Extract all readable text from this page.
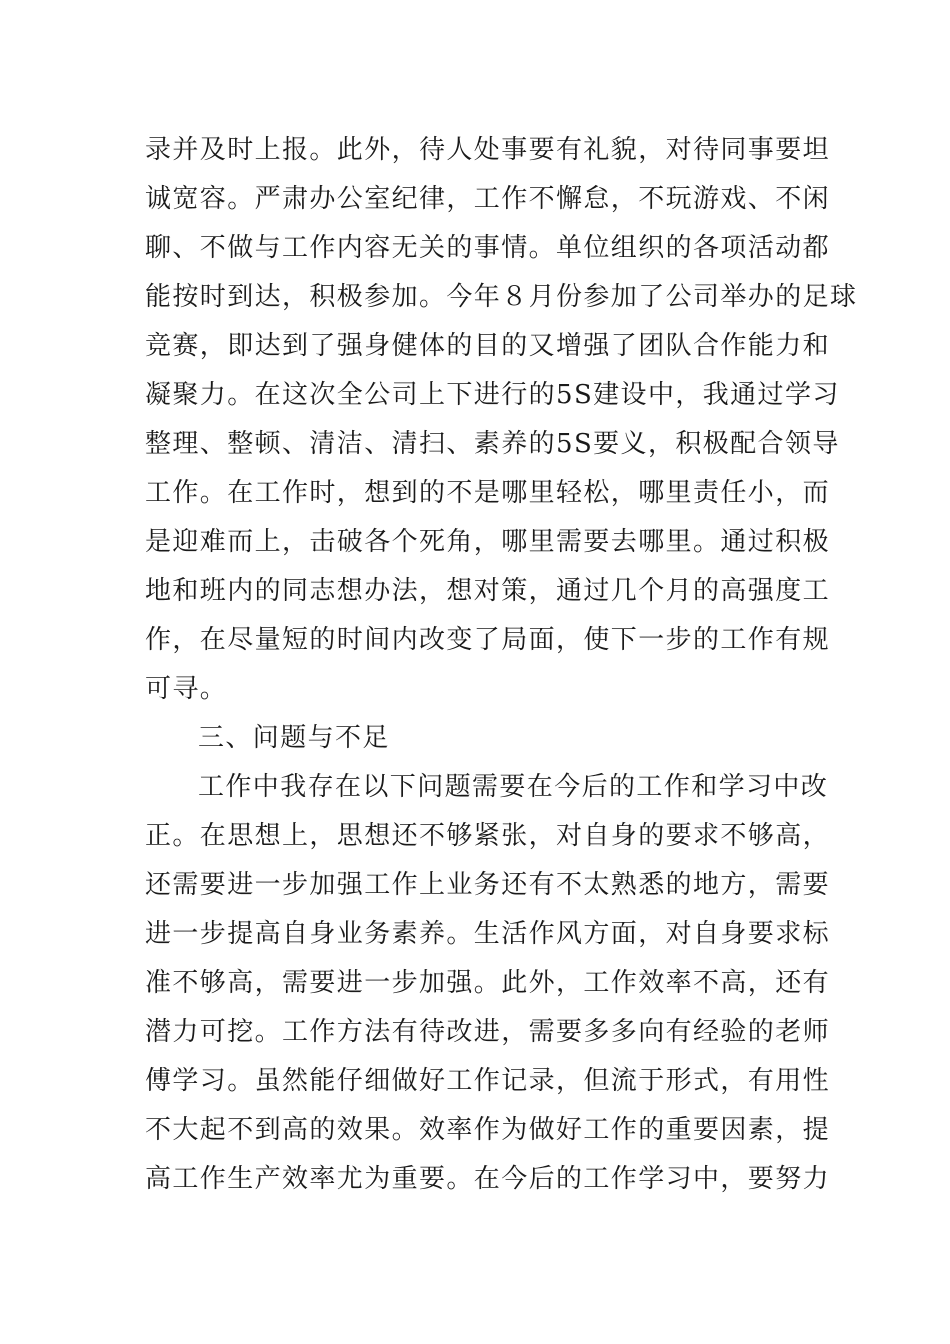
录并及时上报。此外，待人处事要有礼貌，对待同事要坦
诚宽容。严肃办公室纪律，工作不懈怠，不玩游戏、不闲
聊、不做与工作内容无关的事情。单位组织的各项活动都
能按时到达，积极参加。今年８月份参加了公司举办的足球
竞赛，即达到了强身健体的目的又增强了团队合作能力和
凝聚力。在这次全公司上下进行的5S建设中，我通过学习
整理、整顿、清洁、清扫、素养的5S要义，积极配合领导
工作。在工作时，想到的不是哪里轻松，哪里责任小，而
是迎难而上，击破各个死角，哪里需要去哪里。通过积极
地和班内的同志想办法，想对策，通过几个月的高强度工
作，在尽量短的时间内改变了局面，使下一步的工作有规
可寻。
三、问题与不足
工作中我存在以下问题需要在今后的工作和学习中改
正。在思想上，思想还不够紧张，对自身的要求不够高，
还需要进一步加强工作上业务还有不太熟悉的地方，需要
进一步提高自身业务素养。生活作风方面，对自身要求标
准不够高，需要进一步加强。此外，工作效率不高，还有
潜力可挖。工作方法有待改进，需要多多向有经验的老师
傅学习。虽然能仔细做好工作记录，但流于形式，有用性
不大起不到高的效果。效率作为做好工作的重要因素，提
高工作生产效率尤为重要。在今后的工作学习中，要努力
